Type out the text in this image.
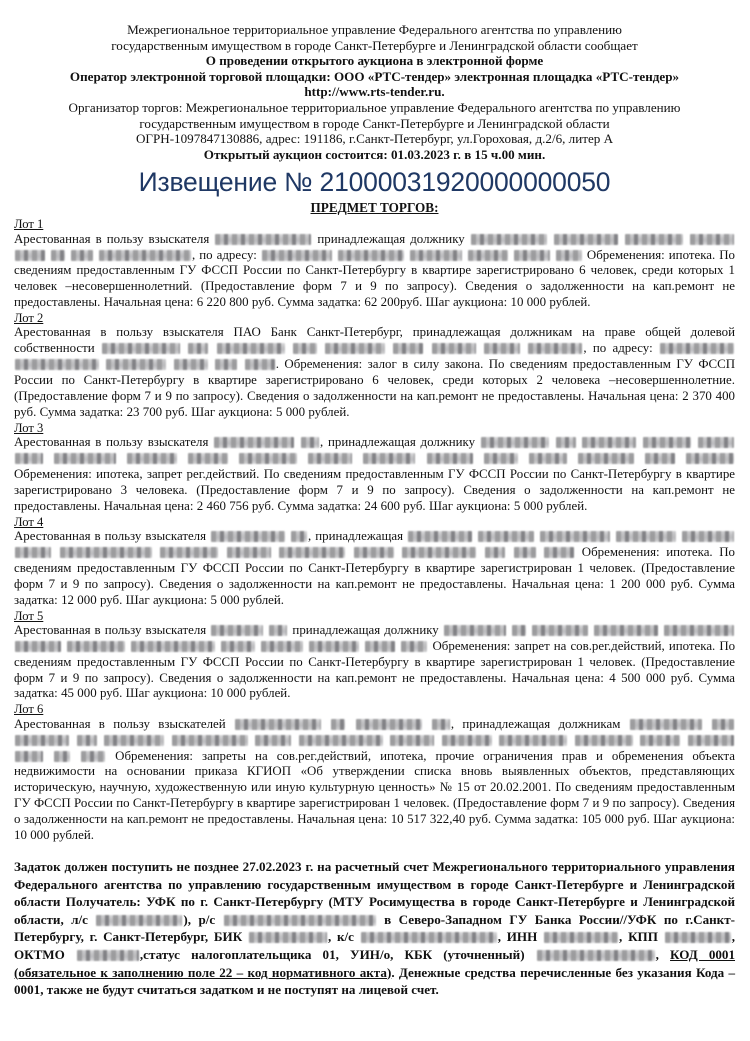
Межрегиональное территориальное управление Федерального агентства по управлению
государственным имуществом в городе Санкт-Петербурге и Ленинградской области сообщает
О проведении открытого аукциона в электронной форме
Оператор электронной торговой площадки: ООО «РТС-тендер» электронная площадка «РТС-тендер»
http://www.rts-tender.ru.
Организатор торгов: Межрегиональное территориальное управление Федерального агентства по управлению
государственным имуществом в городе Санкт-Петербурге и Ленинградской области
ОГРН-1097847130886, адрес: 191186, г.Санкт-Петербург, ул.Гороховая, д.2/6, литер А
Открытый аукцион состоится: 01.03.2023 г. в 15 ч.00 мин.
Извещение № 21000031920000000050
ПРЕДМЕТ ТОРГОВ:
Лот 1
Арестованная в пользу взыскателя	принадлежащая должнику        , по адресу:	Обременения: ипотека. По сведениям предоставленным ГУ ФССП России по Санкт-Петербургу в квартире зарегистрировано 6 человек, среди которых 1 человек –несовершеннолетний. (Предоставление форм 7 и 9 по запросу). Сведения о задолженности на кап.ремонт не предоставлены. Начальная цена: 6 220 800 руб. Сумма задатка: 62 200руб. Шаг аукциона: 10 000 рублей.
Лот 2
Арестованная в пользу взыскателя ПАО Банк Санкт-Петербург, принадлежащая должникам на праве общей долевой собственности	, по адресу:      . Обременения: залог в силу закона. По сведениям предоставленным ГУ ФССП России по Санкт-Петербургу в квартире зарегистрировано 6 человек, среди которых 2 человека –несовершеннолетние. (Предоставление форм 7 и 9 по запросу). Сведения о задолженности на кап.ремонт не предоставлены. Начальная цена: 2 370 400 руб. Сумма задатка: 23 700 руб. Шаг аукциона: 5 000 рублей.
Лот 3
Арестованная в пользу взыскателя	, принадлежащая должнику                   Обременения: ипотека, запрет рег.действий. По сведениям предоставленным ГУ ФССП России по Санкт-Петербургу в квартире зарегистрировано 3 человека. (Предоставление форм 7 и 9 по запросу). Сведения о задолженности на кап.ремонт не предоставлены. Начальная цена: 2 460 756 руб. Сумма задатка: 24 600 руб. Шаг аукциона: 5 000 рублей.
Лот 4
Арестованная в пользу взыскателя	, принадлежащая                Обременения: ипотека. По сведениям предоставленным ГУ ФССП России по Санкт-Петербургу в квартире зарегистрирован 1 человек. (Предоставление форм 7 и 9 по запросу). Сведения о задолженности на кап.ремонт не предоставлены. Начальная цена: 1 200 000 руб. Сумма задатка: 12 000 руб. Шаг аукциона: 5 000 рублей.
Лот 5
Арестованная в пользу взыскателя	принадлежащая должнику              Обременения: запрет на сов.рег.действий, ипотека. По сведениям предоставленным ГУ ФССП России по Санкт-Петербургу в квартире зарегистрирован 1 человек. (Предоставление форм 7 и 9 по запросу). Сведения о задолженности на кап.ремонт не предоставлены. Начальная цена: 4 500 000 руб. Сумма задатка: 45 000 руб. Шаг аукциона: 10 000 рублей.
Лот 6
Арестованная в пользу взыскателей	, принадлежащая должникам                  Обременения: запреты на сов.рег.действий, ипотека, прочие ограничения прав и обременения объекта недвижимости на основании приказа КГИОП «Об утверждении списка вновь выявленных объектов, представляющих историческую, научную, художественную или иную культурную ценность» № 15 от 20.02.2001. По сведениям предоставленным ГУ ФССП России по Санкт-Петербургу в квартире зарегистрирован 1 человек. (Предоставление форм 7 и 9 по запросу). Сведения о задолженности на кап.ремонт не предоставлены. Начальная цена: 10 517 322,40 руб. Сумма задатка: 105 000 руб. Шаг аукциона: 10 000 рублей.
Задаток должен поступить не позднее 27.02.2023 г. на расчетный счет Межрегионального территориального управления Федерального агентства по управлению государственным имуществом в городе Санкт-Петербурге и Ленинградской области Получатель: УФК по г. Санкт-Петербургу (МТУ Росимущества в городе Санкт-Петербурге и Ленинградской области, л/с	), р/с	в Северо-Западном ГУ Банка России//УФК по г.Санкт-Петербургу, г. Санкт-Петербург, БИК	, к/с	, ИНН	, КПП	, ОКТМО	,статус налогоплательщика 01, УИН/о, КБК (уточненный)	, КОД 0001 (обязательное к заполнению поле 22 – код нормативного акта). Денежные средства перечисленные без указания Кода – 0001, также не будут считаться задатком и не поступят на лицевой счет.
